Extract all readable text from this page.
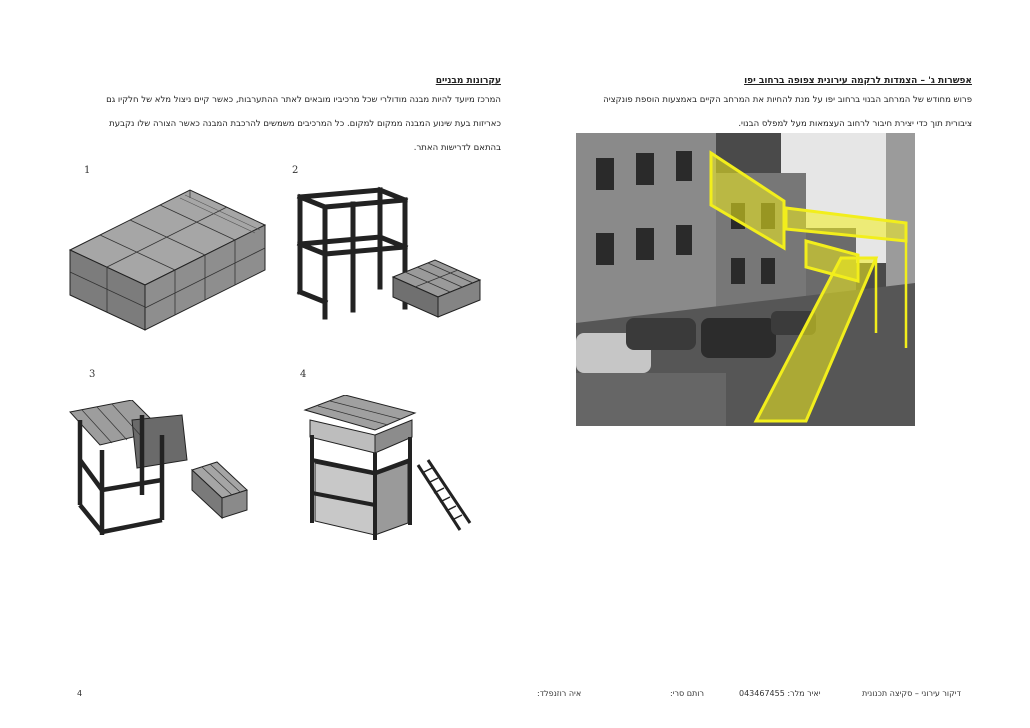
אפשרות ג' – הצמדות לרקמה עירונית צפופה ברחוב יפו
פרוש מחודש של המרחב הבנוי ברחוב יפו על מנת להחיות את המרחב הקיים באמצעות הוספת פונקציה
ציבורית תוך כדי יצירת חיבור לרחוב העצמאות מעל למפלס הבנוי.
עקרונות מבניים
המרכז מיועד להיות מבנה מודולרי שכל מרכיביו מובאים לאתר ההתערבות, כאשר קיים ניצול מלא של חלקיו גם
כאריזות בעת שינוע המבנה ממקום למקום. כל המרכיבים משמשים להרכבת המבנה כאשר הצורה שלו נקבעת
בהתאם לדרישות האתר.
1	2
3	4
דיקור עירוני – סקיצה תכנונית
יאיר מלר: 043467455
רותם סרי:
איה רוזנפלד:
4
